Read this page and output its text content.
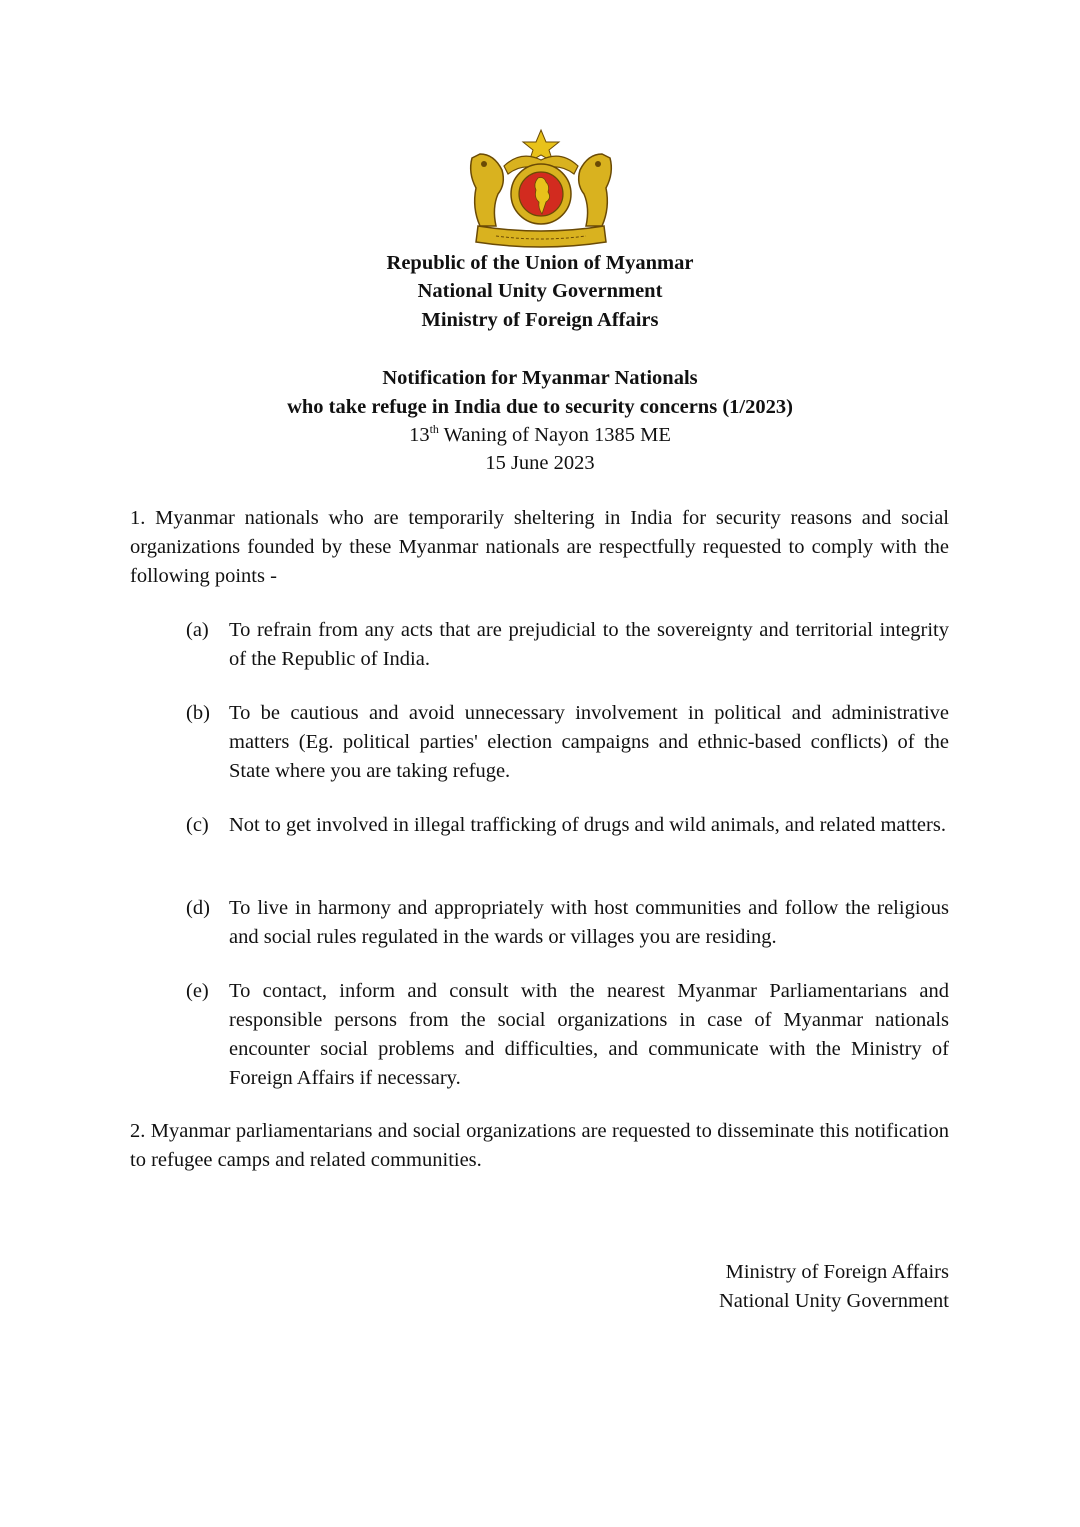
Republic of the Union of Myanmar
National Unity Government
Ministry of Foreign Affairs
Notification for Myanmar Nationals
who take refuge in India due to security concerns (1/2023)
13th Waning of Nayon 1385 ME
15 June 2023
1. Myanmar nationals who are temporarily sheltering in India for security reasons and social organizations founded by these Myanmar nationals are respectfully requested to comply with the following points -
(a) To refrain from any acts that are prejudicial to the sovereignty and territorial integrity of the Republic of India.
(b) To be cautious and avoid unnecessary involvement in political and administrative matters (Eg. political parties' election campaigns and ethnic-based conflicts) of the State where you are taking refuge.
(c) Not to get involved in illegal trafficking of drugs and wild animals, and related matters.
(d) To live in harmony and appropriately with host communities and follow the religious and social rules regulated in the wards or villages you are residing.
(e) To contact, inform and consult with the nearest Myanmar Parliamentarians and responsible persons from the social organizations in case of Myanmar nationals encounter social problems and difficulties, and communicate with the Ministry of Foreign Affairs if necessary.
2. Myanmar parliamentarians and social organizations are requested to disseminate this notification to refugee camps and related communities.
Ministry of Foreign Affairs
National Unity Government
